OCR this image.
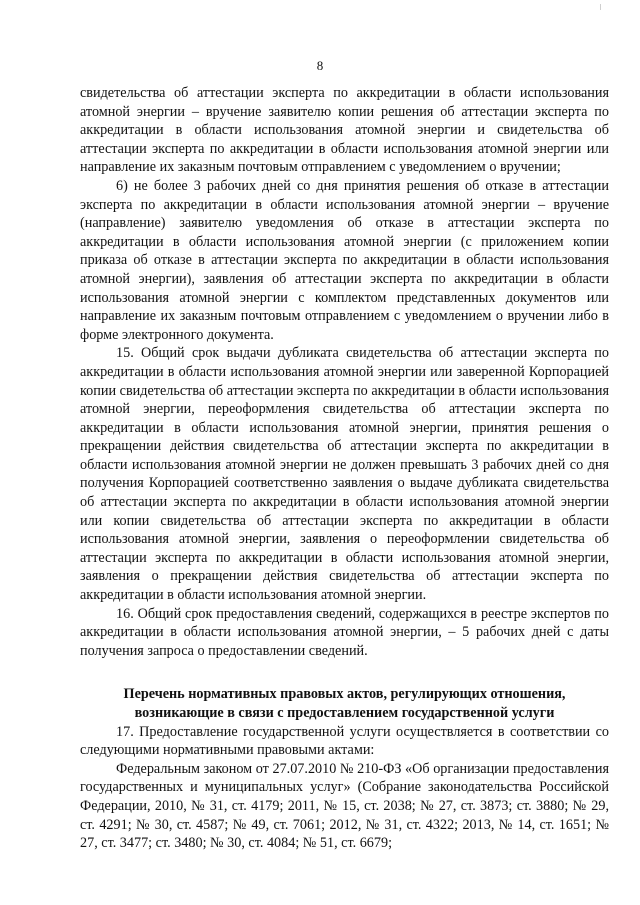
8

свидетельства об аттестации эксперта по аккредитации в области использования атомной энергии – вручение заявителю копии решения об аттестации эксперта по аккредитации в области использования атомной энергии и свидетельства об аттестации эксперта по аккредитации в области использования атомной энергии или направление их заказным почтовым отправлением с уведомлением о вручении;

6) не более 3 рабочих дней со дня принятия решения об отказе в аттестации эксперта по аккредитации в области использования атомной энергии – вручение (направление) заявителю уведомления об отказе в аттестации эксперта по аккредитации в области использования атомной энергии (с приложением копии приказа об отказе в аттестации эксперта по аккредитации в области использования атомной энергии), заявления об аттестации эксперта по аккредитации в области использования атомной энергии с комплектом представленных документов или направление их заказным почтовым отправлением с уведомлением о вручении либо в форме электронного документа.

15. Общий срок выдачи дубликата свидетельства об аттестации эксперта по аккредитации в области использования атомной энергии или заверенной Корпорацией копии свидетельства об аттестации эксперта по аккредитации в области использования атомной энергии, переоформления свидетельства об аттестации эксперта по аккредитации в области использования атомной энергии, принятия решения о прекращении действия свидетельства об аттестации эксперта по аккредитации в области использования атомной энергии не должен превышать 3 рабочих дней со дня получения Корпорацией соответственно заявления о выдаче дубликата свидетельства об аттестации эксперта по аккредитации в области использования атомной энергии или копии свидетельства об аттестации эксперта по аккредитации в области использования атомной энергии, заявления о переоформлении свидетельства об аттестации эксперта по аккредитации в области использования атомной энергии, заявления о прекращении действия свидетельства об аттестации эксперта по аккредитации в области использования атомной энергии.

16. Общий срок предоставления сведений, содержащихся в реестре экспертов по аккредитации в области использования атомной энергии, – 5 рабочих дней с даты получения запроса о предоставлении сведений.

Перечень нормативных правовых актов, регулирующих отношения, возникающие в связи с предоставлением государственной услуги

17. Предоставление государственной услуги осуществляется в соответствии со следующими нормативными правовыми актами:

Федеральным законом от 27.07.2010 № 210-ФЗ «Об организации предоставления государственных и муниципальных услуг» (Собрание законодательства Российской Федерации, 2010, № 31, ст. 4179; 2011, № 15, ст. 2038; № 27, ст. 3873; ст. 3880; № 29, ст. 4291; № 30, ст. 4587; № 49, ст. 7061; 2012, № 31, ст. 4322; 2013, № 14, ст. 1651; № 27, ст. 3477; ст. 3480; № 30, ст. 4084; № 51, ст. 6679;
